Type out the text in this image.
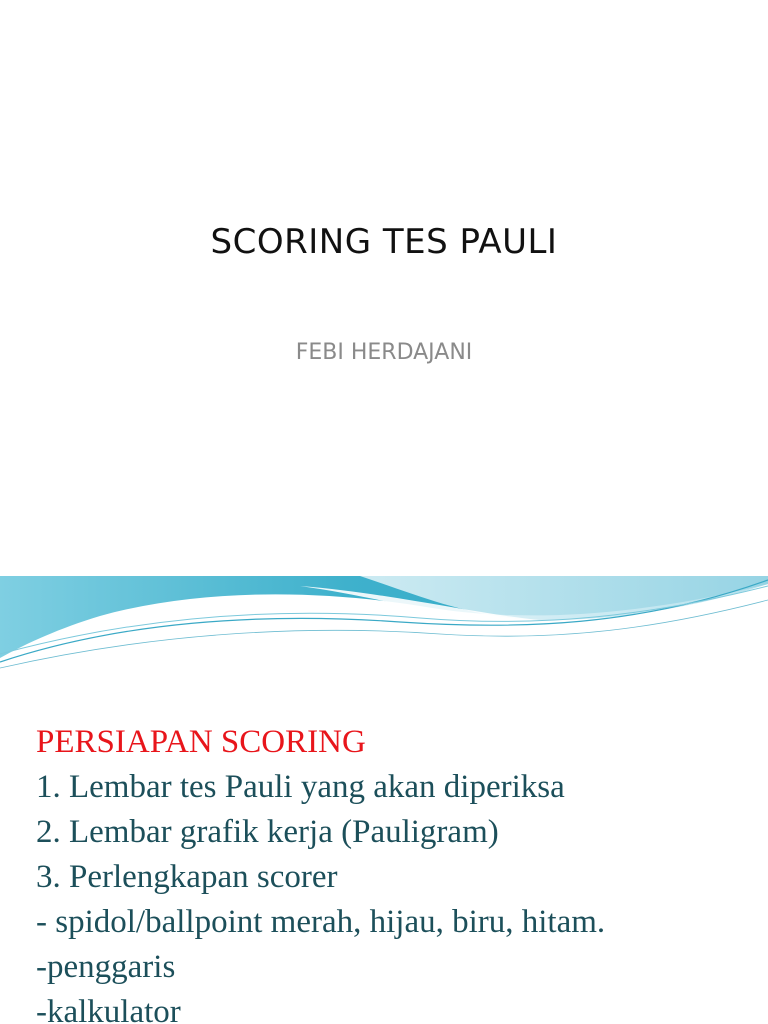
SCORING TES PAULI
FEBI HERDAJANI
PERSIAPAN SCORING
1. Lembar tes Pauli yang akan diperiksa
2. Lembar grafik kerja (Pauligram)
3. Perlengkapan scorer
- spidol/ballpoint merah, hijau, biru, hitam.
-penggaris
-kalkulator
